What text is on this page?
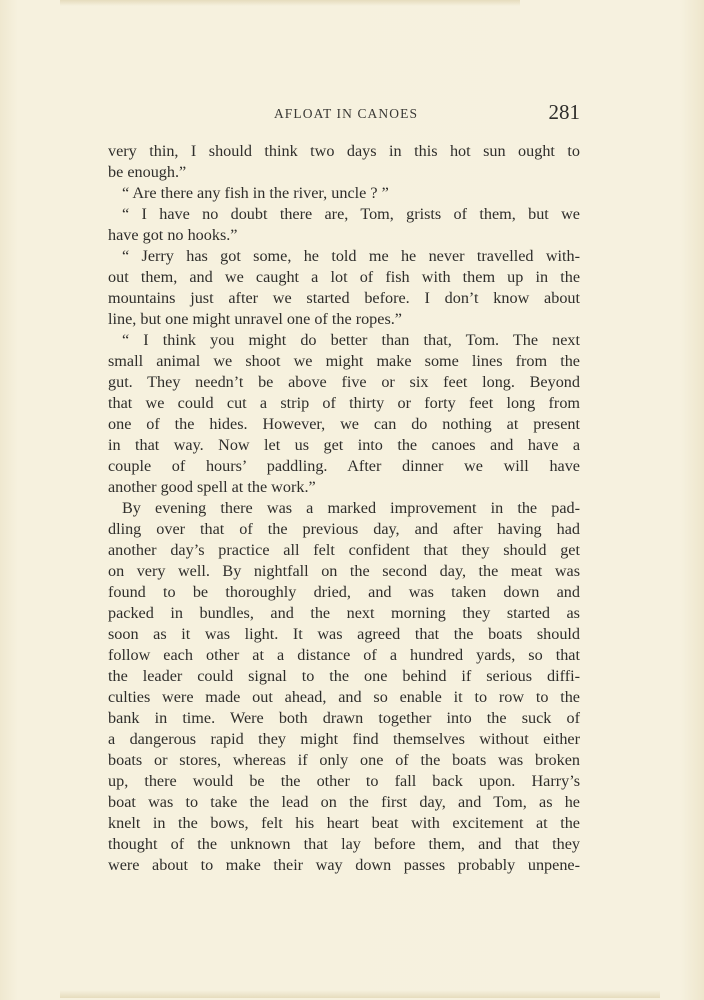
AFLOAT IN CANOES	281
very thin, I should think two days in this hot sun ought to
be enough.”
“ Are there any fish in the river, uncle ? ”
“ I have no doubt there are, Tom, grists of them, but we
have got no hooks.”
“ Jerry has got some, he told me he never travelled with-
out them, and we caught a lot of fish with them up in the
mountains just after we started before. I don’t know about
line, but one might unravel one of the ropes.”
“ I think you might do better than that, Tom. The next
small animal we shoot we might make some lines from the
gut. They needn’t be above five or six feet long. Beyond
that we could cut a strip of thirty or forty feet long from
one of the hides. However, we can do nothing at present
in that way. Now let us get into the canoes and have a
couple of hours’ paddling. After dinner we will have
another good spell at the work.”
By evening there was a marked improvement in the pad-
dling over that of the previous day, and after having had
another day’s practice all felt confident that they should get
on very well. By nightfall on the second day, the meat was
found to be thoroughly dried, and was taken down and
packed in bundles, and the next morning they started as
soon as it was light. It was agreed that the boats should
follow each other at a distance of a hundred yards, so that
the leader could signal to the one behind if serious diffi-
culties were made out ahead, and so enable it to row to the
bank in time. Were both drawn together into the suck of
a dangerous rapid they might find themselves without either
boats or stores, whereas if only one of the boats was broken
up, there would be the other to fall back upon. Harry’s
boat was to take the lead on the first day, and Tom, as he
knelt in the bows, felt his heart beat with excitement at the
thought of the unknown that lay before them, and that they
were about to make their way down passes probably unpene-
